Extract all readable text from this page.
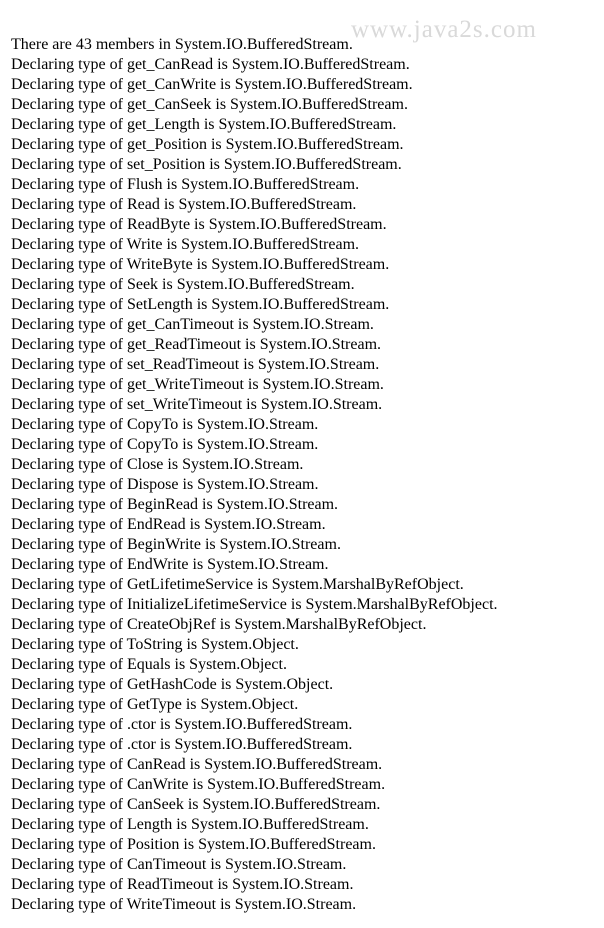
www.java2s.com
There are 43 members in System.IO.BufferedStream.
Declaring type of get_CanRead is System.IO.BufferedStream.
Declaring type of get_CanWrite is System.IO.BufferedStream.
Declaring type of get_CanSeek is System.IO.BufferedStream.
Declaring type of get_Length is System.IO.BufferedStream.
Declaring type of get_Position is System.IO.BufferedStream.
Declaring type of set_Position is System.IO.BufferedStream.
Declaring type of Flush is System.IO.BufferedStream.
Declaring type of Read is System.IO.BufferedStream.
Declaring type of ReadByte is System.IO.BufferedStream.
Declaring type of Write is System.IO.BufferedStream.
Declaring type of WriteByte is System.IO.BufferedStream.
Declaring type of Seek is System.IO.BufferedStream.
Declaring type of SetLength is System.IO.BufferedStream.
Declaring type of get_CanTimeout is System.IO.Stream.
Declaring type of get_ReadTimeout is System.IO.Stream.
Declaring type of set_ReadTimeout is System.IO.Stream.
Declaring type of get_WriteTimeout is System.IO.Stream.
Declaring type of set_WriteTimeout is System.IO.Stream.
Declaring type of CopyTo is System.IO.Stream.
Declaring type of CopyTo is System.IO.Stream.
Declaring type of Close is System.IO.Stream.
Declaring type of Dispose is System.IO.Stream.
Declaring type of BeginRead is System.IO.Stream.
Declaring type of EndRead is System.IO.Stream.
Declaring type of BeginWrite is System.IO.Stream.
Declaring type of EndWrite is System.IO.Stream.
Declaring type of GetLifetimeService is System.MarshalByRefObject.
Declaring type of InitializeLifetimeService is System.MarshalByRefObject.
Declaring type of CreateObjRef is System.MarshalByRefObject.
Declaring type of ToString is System.Object.
Declaring type of Equals is System.Object.
Declaring type of GetHashCode is System.Object.
Declaring type of GetType is System.Object.
Declaring type of .ctor is System.IO.BufferedStream.
Declaring type of .ctor is System.IO.BufferedStream.
Declaring type of CanRead is System.IO.BufferedStream.
Declaring type of CanWrite is System.IO.BufferedStream.
Declaring type of CanSeek is System.IO.BufferedStream.
Declaring type of Length is System.IO.BufferedStream.
Declaring type of Position is System.IO.BufferedStream.
Declaring type of CanTimeout is System.IO.Stream.
Declaring type of ReadTimeout is System.IO.Stream.
Declaring type of WriteTimeout is System.IO.Stream.
